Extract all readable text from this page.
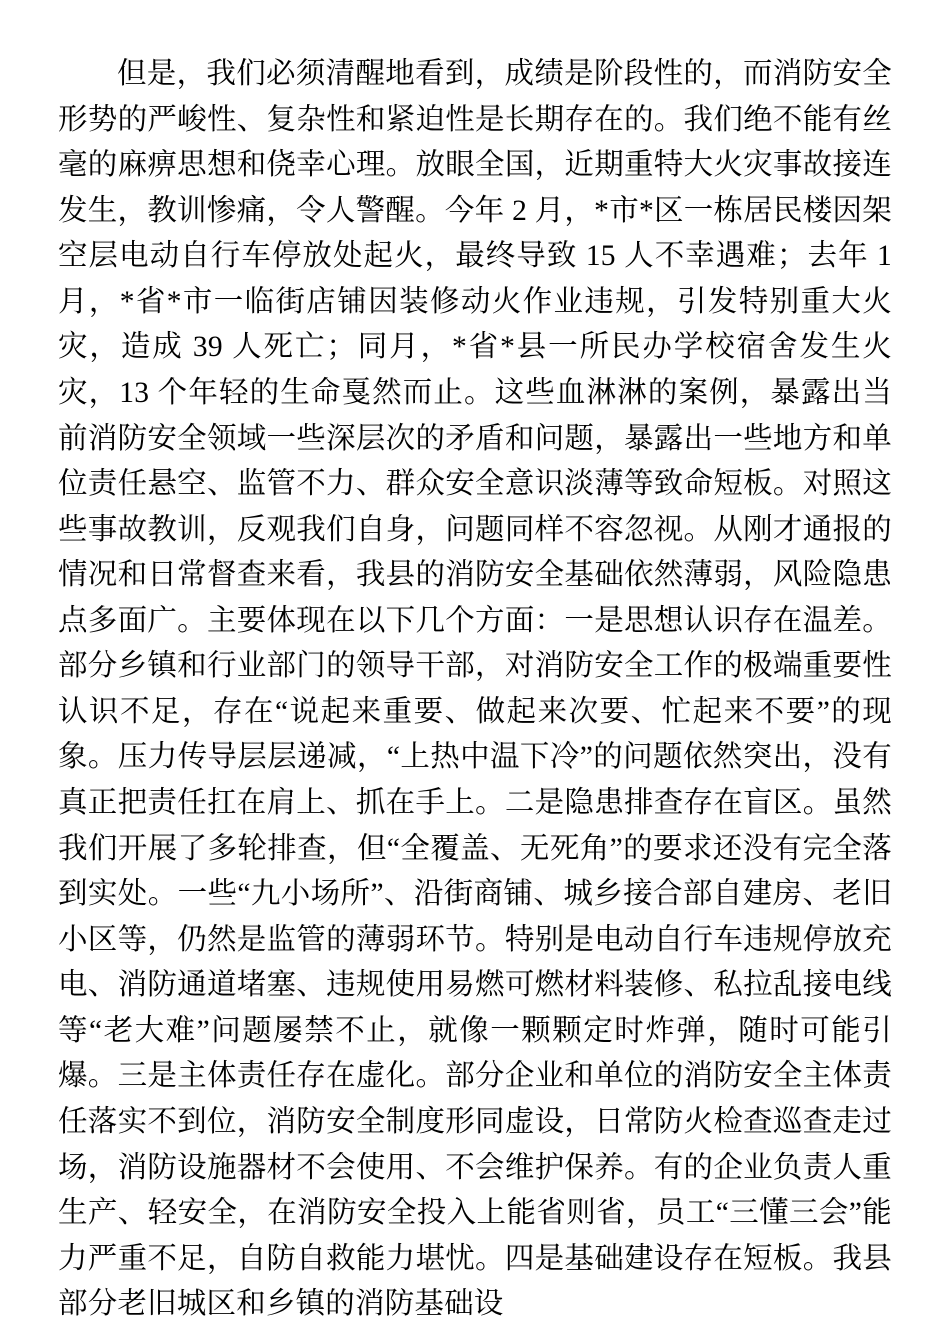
但是，我们必须清醒地看到，成绩是阶段性的，而消防安全形势的严峻性、复杂性和紧迫性是长期存在的。我们绝不能有丝毫的麻痹思想和侥幸心理。放眼全国，近期重特大火灾事故接连发生，教训惨痛，令人警醒。今年 2 月，*市*区一栋居民楼因架空层电动自行车停放处起火，最终导致 15 人不幸遇难；去年 1 月，*省*市一临街店铺因装修动火作业违规，引发特别重大火灾，造成 39 人死亡；同月，*省*县一所民办学校宿舍发生火灾，13 个年轻的生命戛然而止。这些血淋淋的案例，暴露出当前消防安全领域一些深层次的矛盾和问题，暴露出一些地方和单位责任悬空、监管不力、群众安全意识淡薄等致命短板。对照这些事故教训，反观我们自身，问题同样不容忽视。从刚才通报的情况和日常督查来看，我县的消防安全基础依然薄弱，风险隐患点多面广。主要体现在以下几个方面：一是思想认识存在温差。部分乡镇和行业部门的领导干部，对消防安全工作的极端重要性认识不足，存在“说起来重要、做起来次要、忙起来不要”的现象。压力传导层层递减，“上热中温下冷”的问题依然突出，没有真正把责任扛在肩上、抓在手上。二是隐患排查存在盲区。虽然我们开展了多轮排查，但“全覆盖、无死角”的要求还没有完全落到实处。一些“九小场所”、沿街商铺、城乡接合部自建房、老旧小区等，仍然是监管的薄弱环节。特别是电动自行车违规停放充电、消防通道堵塞、违规使用易燃可燃材料装修、私拉乱接电线等“老大难”问题屡禁不止，就像一颗颗定时炸弹，随时可能引爆。三是主体责任存在虚化。部分企业和单位的消防安全主体责任落实不到位，消防安全制度形同虚设，日常防火检查巡查走过场，消防设施器材不会使用、不会维护保养。有的企业负责人重生产、轻安全，在消防安全投入上能省则省，员工“三懂三会”能力严重不足，自防自救能力堪忧。四是基础建设存在短板。我县部分老旧城区和乡镇的消防基础设
